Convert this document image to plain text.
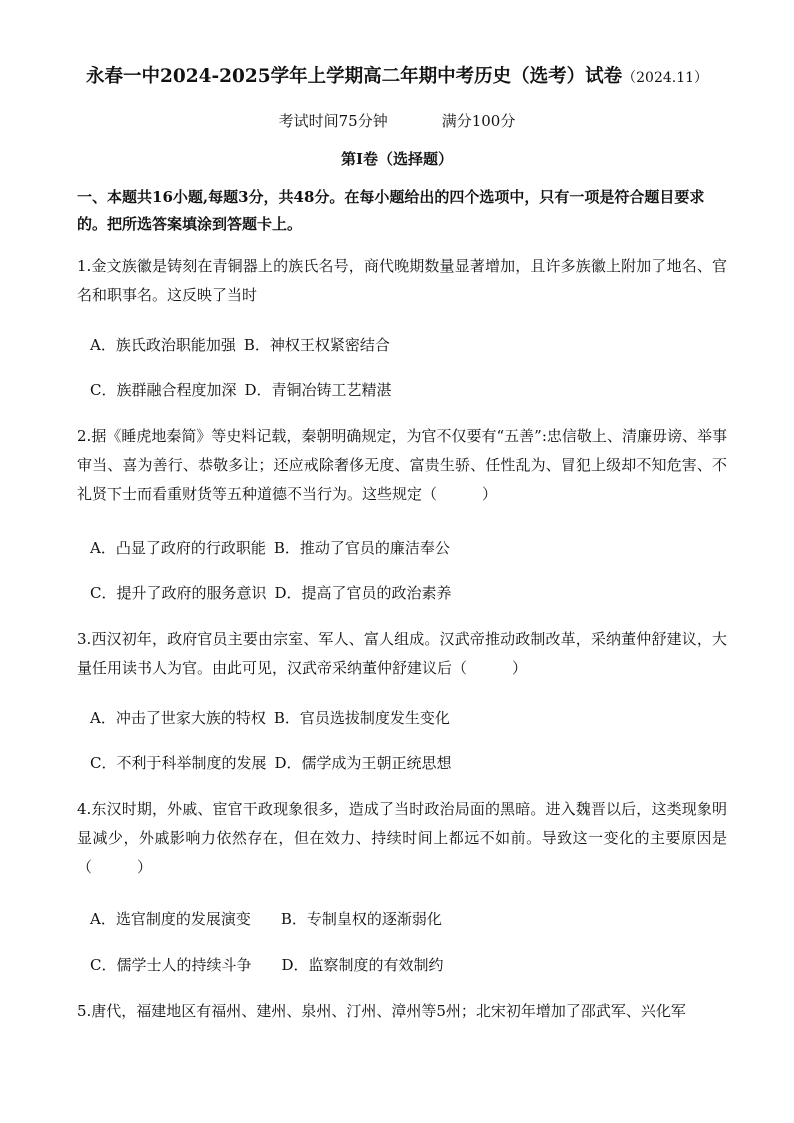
永春一中2024-2025学年上学期高二年期中考历史（选考）试卷（2024.11）
考试时间75分钟	满分100分
第Ⅰ卷（选择题）
一、本题共16小题,每题3分，共48分。在每小题给出的四个选项中，只有一项是符合题目要求的。把所选答案填涂到答题卡上。
1.金文族徽是铸刻在青铜器上的族氏名号，商代晚期数量显著增加，且许多族徽上附加了地名、官名和职事名。这反映了当时
A．族氏政治职能加强 B．神权王权紧密结合
C．族群融合程度加深 D．青铜冶铸工艺精湛
2.据《睡虎地秦简》等史料记载，秦朝明确规定，为官不仅要有“五善”:忠信敬上、清廉毋谤、举事审当、喜为善行、恭敬多让；还应戒除奢侈无度、富贵生骄、任性乱为、冒犯上级却不知危害、不礼贤下士而看重财货等五种道德不当行为。这些规定（　　　）
A．凸显了政府的行政职能 B．推动了官员的廉洁奉公
C．提升了政府的服务意识 D．提高了官员的政治素养
3.西汉初年，政府官员主要由宗室、军人、富人组成。汉武帝推动政制改革，采纳董仲舒建议，大量任用读书人为官。由此可见，汉武帝采纳董仲舒建议后（　　　）
A．冲击了世家大族的特权 B．官员选拔制度发生变化
C．不利于科举制度的发展 D．儒学成为王朝正统思想
4.东汉时期，外戚、宦官干政现象很多，造成了当时政治局面的黑暗。进入魏晋以后，这类现象明显减少，外戚影响力依然存在，但在效力、持续时间上都远不如前。导致这一变化的主要原因是（　　　）
A．选官制度的发展演变 B．专制皇权的逐渐弱化
C．儒学士人的持续斗争 D．监察制度的有效制约
5.唐代，福建地区有福州、建州、泉州、汀州、漳州等5州；北宋初年增加了邵武军、兴化军
